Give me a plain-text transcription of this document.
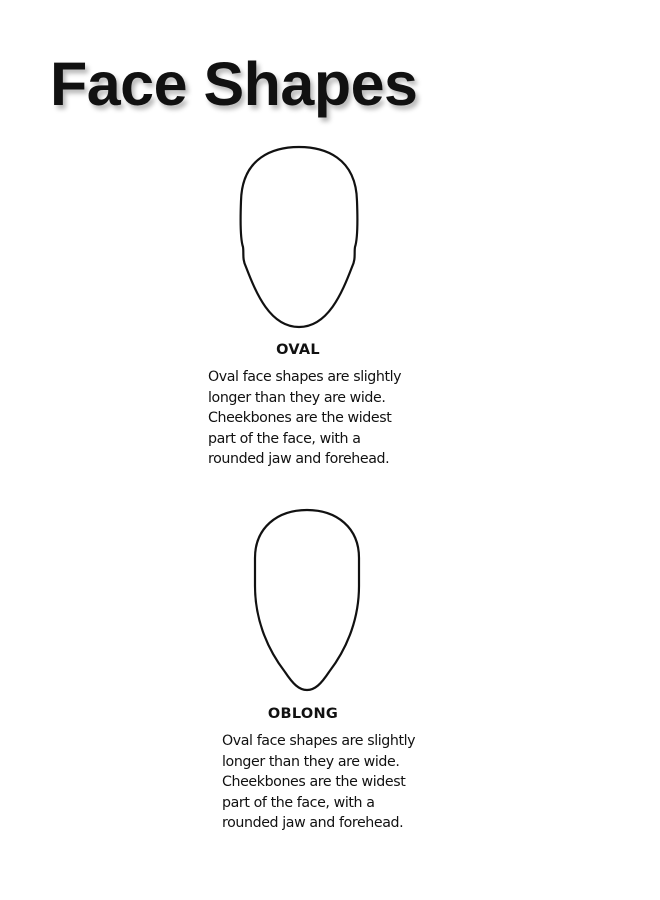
Face Shapes

OVAL

Oval face shapes are slightly longer than they are wide. Cheekbones are the widest part of the face, with a rounded jaw and forehead.

OBLONG

Oval face shapes are slightly longer than they are wide. Cheekbones are the widest part of the face, with a rounded jaw and forehead.
